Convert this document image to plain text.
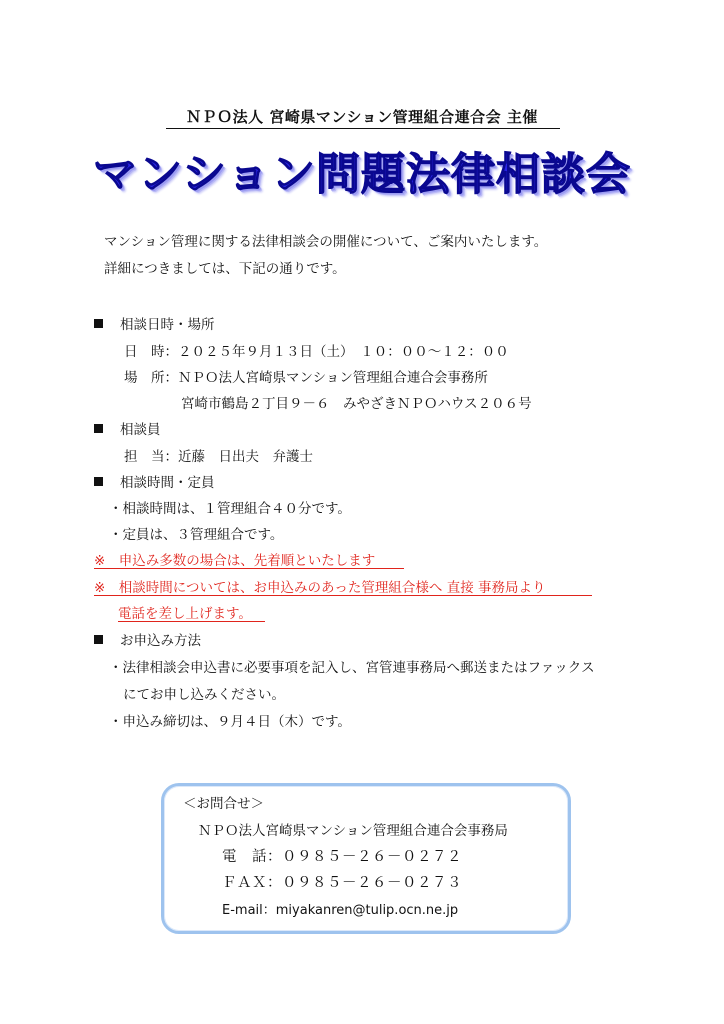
ＮＰＯ法人 宮崎県マンション管理組合連合会 主催
マンション問題法律相談会
マンション管理に関する法律相談会の開催について、ご案内いたします。
詳細につきましては、下記の通りです。
相談日時・場所
日　時：２０２５年９月１３日（土）　１０：００～１２：００
場　所：ＮＰＯ法人宮崎県マンション管理組合連合会事務所
宮崎市鶴島２丁目９－６　みやざきＮＰＯハウス２０６号
相談員
担　当：近藤　日出夫　弁護士
相談時間・定員
・相談時間は、１管理組合４０分です。
・定員は、３管理組合です。
※　申込み多数の場合は、先着順といたします
※　相談時間については、お申込みのあった管理組合様へ 直接 事務局より
電話を差し上げます。
お申込み方法
・法律相談会申込書に必要事項を記入し、宮管連事務局へ郵送またはファックス
にてお申し込みください。
・申込み締切は、９月４日（木）です。
＜お問合せ＞
ＮＰＯ法人宮崎県マンション管理組合連合会事務局
電　話：０９８５－２６－０２７２
ＦＡＸ：０９８５－２６－０２７３
E-mail：miyakanren@tulip.ocn.ne.jp
